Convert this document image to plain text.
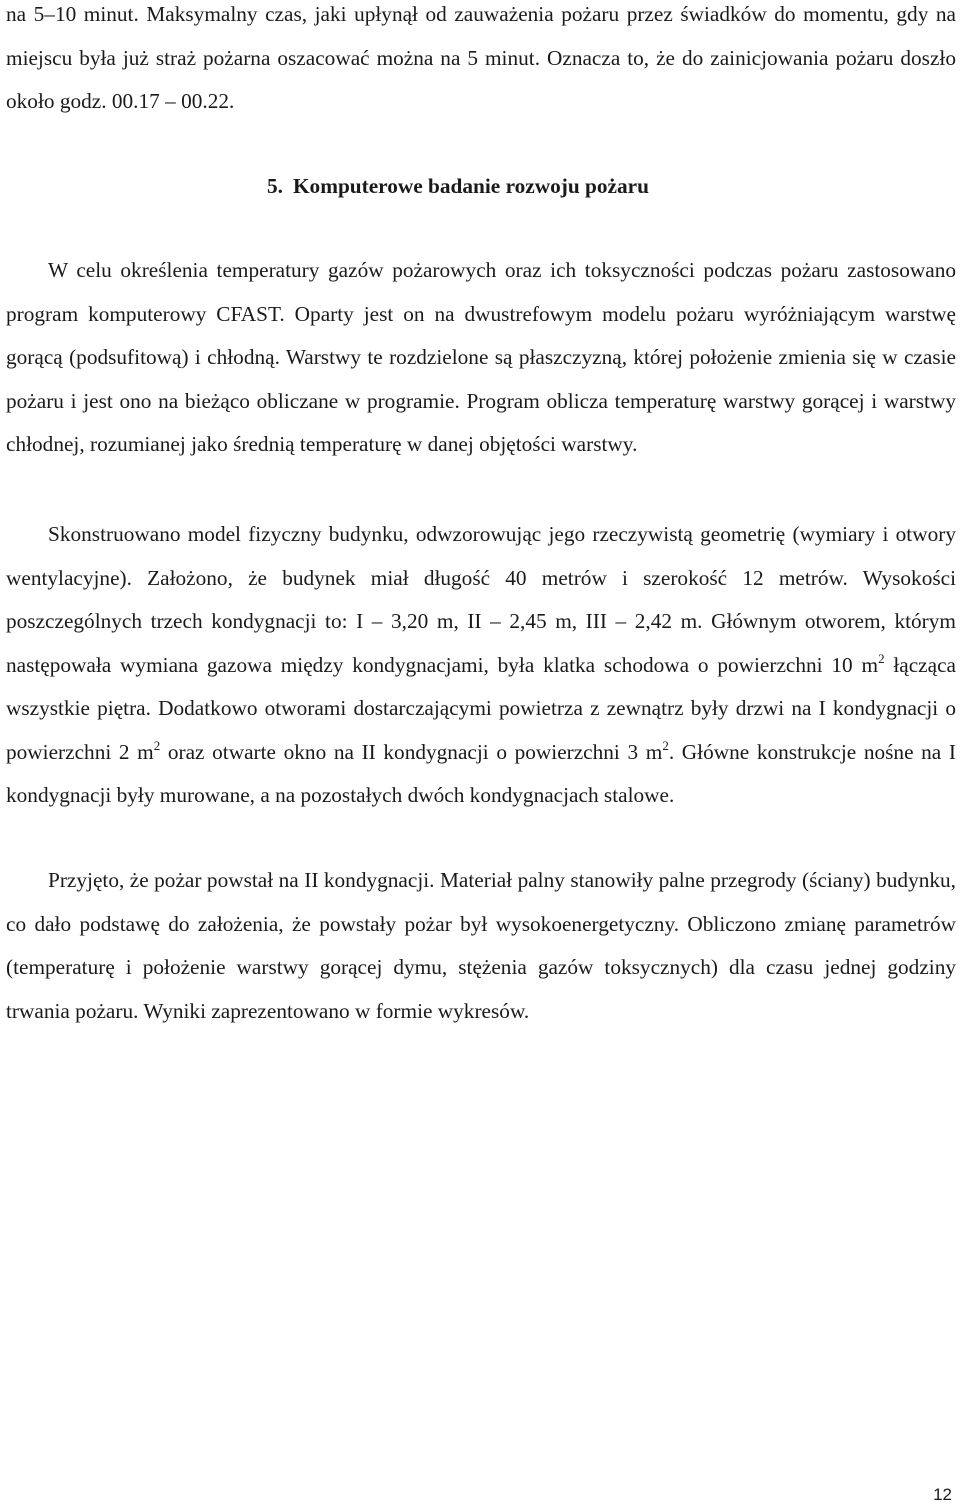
na 5–10 minut. Maksymalny czas, jaki upłynął od zauważenia pożaru przez świadków do momentu, gdy na miejscu była już straż pożarna oszacować można na 5 minut. Oznacza to, że do zainicjowania pożaru doszło około godz. 00.17 – 00.22.

5. Komputerowe badanie rozwoju pożaru

W celu określenia temperatury gazów pożarowych oraz ich toksyczności podczas pożaru zastosowano program komputerowy CFAST. Oparty jest on na dwustrefowym modelu pożaru wyróżniającym warstwę gorącą (podsufitową) i chłodną. Warstwy te rozdzielone są płaszczyzną, której położenie zmienia się w czasie pożaru i jest ono na bieżąco obliczane w programie. Program oblicza temperaturę warstwy gorącej i warstwy chłodnej, rozumianej jako średnią temperaturę w danej objętości warstwy.

Skonstruowano model fizyczny budynku, odwzorowując jego rzeczywistą geometrię (wymiary i otwory wentylacyjne). Założono, że budynek miał długość 40 metrów i szerokość 12 metrów. Wysokości poszczególnych trzech kondygnacji to: I – 3,20 m, II – 2,45 m, III – 2,42 m. Głównym otworem, którym następowała wymiana gazowa między kondygnacjami, była klatka schodowa o powierzchni 10 $m^2$ łącząca wszystkie piętra. Dodatkowo otworami dostarczającymi powietrza z zewnątrz były drzwi na I kondygnacji o powierzchni 2 $m^2$ oraz otwarte okno na II kondygnacji o powierzchni 3 $m^2$. Główne konstrukcje nośne na I kondygnacji były murowane, a na pozostałych dwóch kondygnacjach stalowe.

Przyjęto, że pożar powstał na II kondygnacji. Materiał palny stanowiły palne przegrody (ściany) budynku, co dało podstawę do założenia, że powstały pożar był wysokoenergetyczny. Obliczono zmianę parametrów (temperaturę i położenie warstwy gorącej dymu, stężenia gazów toksycznych) dla czasu jednej godziny trwania pożaru. Wyniki zaprezentowano w formie wykresów.

12
